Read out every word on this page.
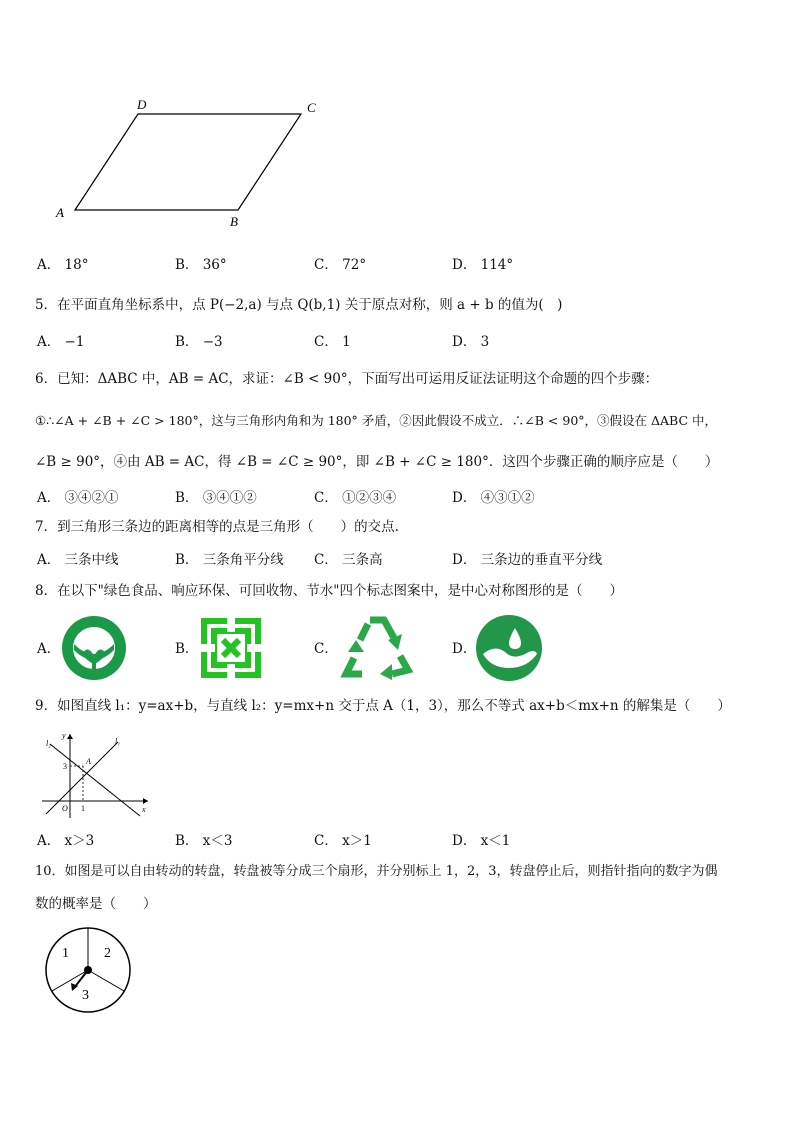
D	C
A
B
A． 18°	B． 36°	C． 72°	D． 114°
5．在平面直角坐标系中，点 P(−2,a) 与点 Q(b,1) 关于原点对称，则 a + b 的值为(　)
A． −1	B． −3	C． 1	D． 3
6．已知：ΔABC 中，AB = AC，求证：∠B < 90°，下面写出可运用反证法证明这个命题的四个步骤：
①∴∠A + ∠B + ∠C > 180°，这与三角形内角和为 180° 矛盾，②因此假设不成立．∴∠B < 90°，③假设在 ΔABC 中，
∠B ≥ 90°，④由 AB = AC，得 ∠B = ∠C ≥ 90°，即 ∠B + ∠C ≥ 180°．这四个步骤正确的顺序应是（　　）
A． ③④②①	B． ③④①②	C． ①②③④	D． ④③①②
7．到三角形三条边的距离相等的点是三角形（　　）的交点.
A． 三条中线	B． 三条角平分线 C． 三条高	D． 三条边的垂直平分线
8．在以下"绿色食品、响应环保、可回收物、节水"四个标志图案中，是中心对称图形的是（　　）
A．	B．	C．	D．
9．如图直线 l₁：y=ax+b，与直线 l₂：y=mx+n 交于点 A（1，3），那么不等式 ax+b＜mx+n 的解集是（　　）
l₂	l₁
y
x
O
3
1
A
A． x＞3	B． x＜3	C． x＞1	D． x＜1
10．如图是可以自由转动的转盘，转盘被等分成三个扇形，并分别标上 1，2，3，转盘停止后，则指针指向的数字为偶
数的概率是（　　）
1	2
3
